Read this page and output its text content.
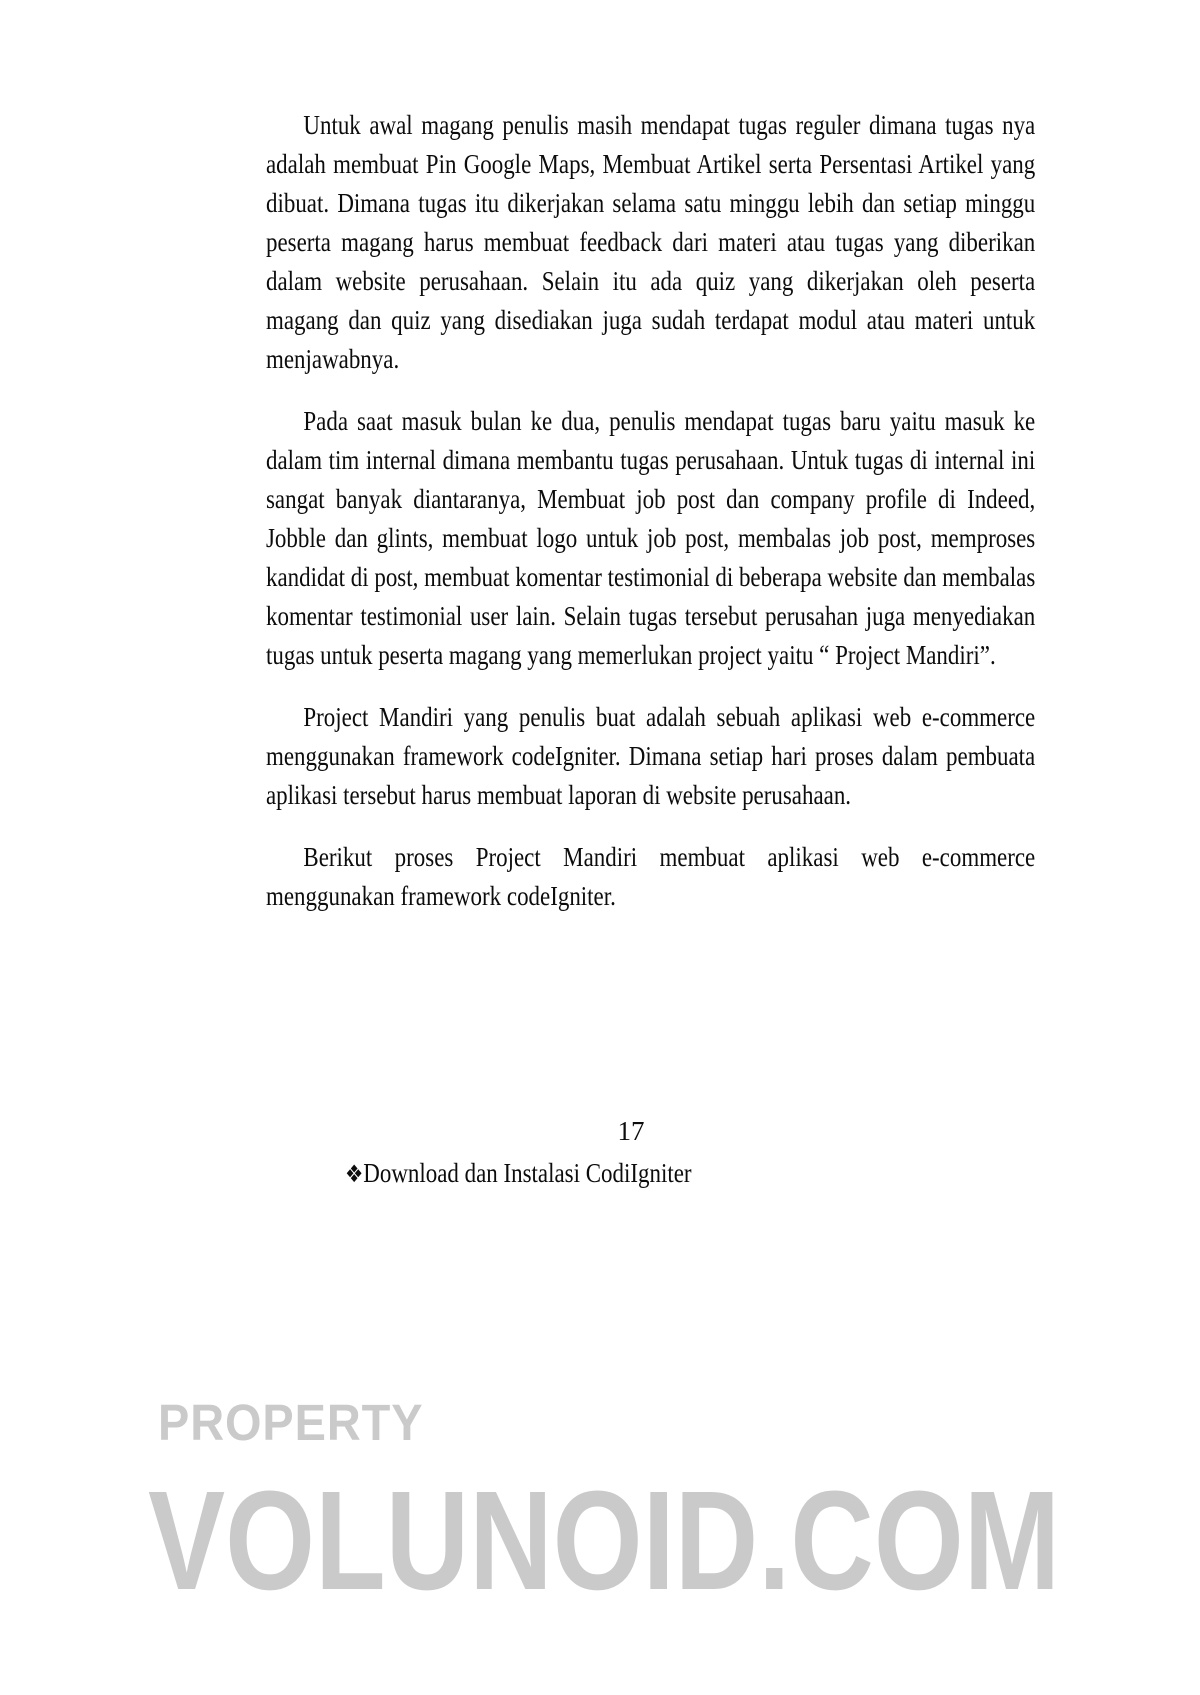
Untuk awal magang penulis masih mendapat tugas reguler dimana tugas nya adalah membuat Pin Google Maps, Membuat Artikel serta Persentasi Artikel yang dibuat. Dimana tugas itu dikerjakan selama satu minggu lebih dan setiap minggu peserta magang harus membuat feedback dari materi atau tugas yang diberikan dalam website perusahaan. Selain itu ada quiz yang dikerjakan oleh peserta magang dan quiz yang disediakan juga sudah terdapat modul atau materi untuk menjawabnya.

Pada saat masuk bulan ke dua, penulis mendapat tugas baru yaitu masuk ke dalam tim internal dimana membantu tugas perusahaan. Untuk tugas di internal ini sangat banyak diantaranya, Membuat job post dan company profile di Indeed, Jobble dan glints, membuat logo untuk job post, membalas job post, memproses kandidat di post, membuat komentar testimonial di beberapa website dan membalas komentar testimonial user lain. Selain tugas tersebut perusahan juga menyediakan tugas untuk peserta magang yang memerlukan project yaitu “ Project Mandiri”.

Project Mandiri yang penulis buat adalah sebuah aplikasi web e-commerce menggunakan framework codeIgniter. Dimana setiap hari proses dalam pembuata aplikasi tersebut harus membuat laporan di website perusahaan.

Berikut proses Project Mandiri membuat aplikasi web e-commerce menggunakan framework codeIgniter.

17
❖Download dan Instalasi CodiIgniter
PROPERTY
VOLUNOID.COM
